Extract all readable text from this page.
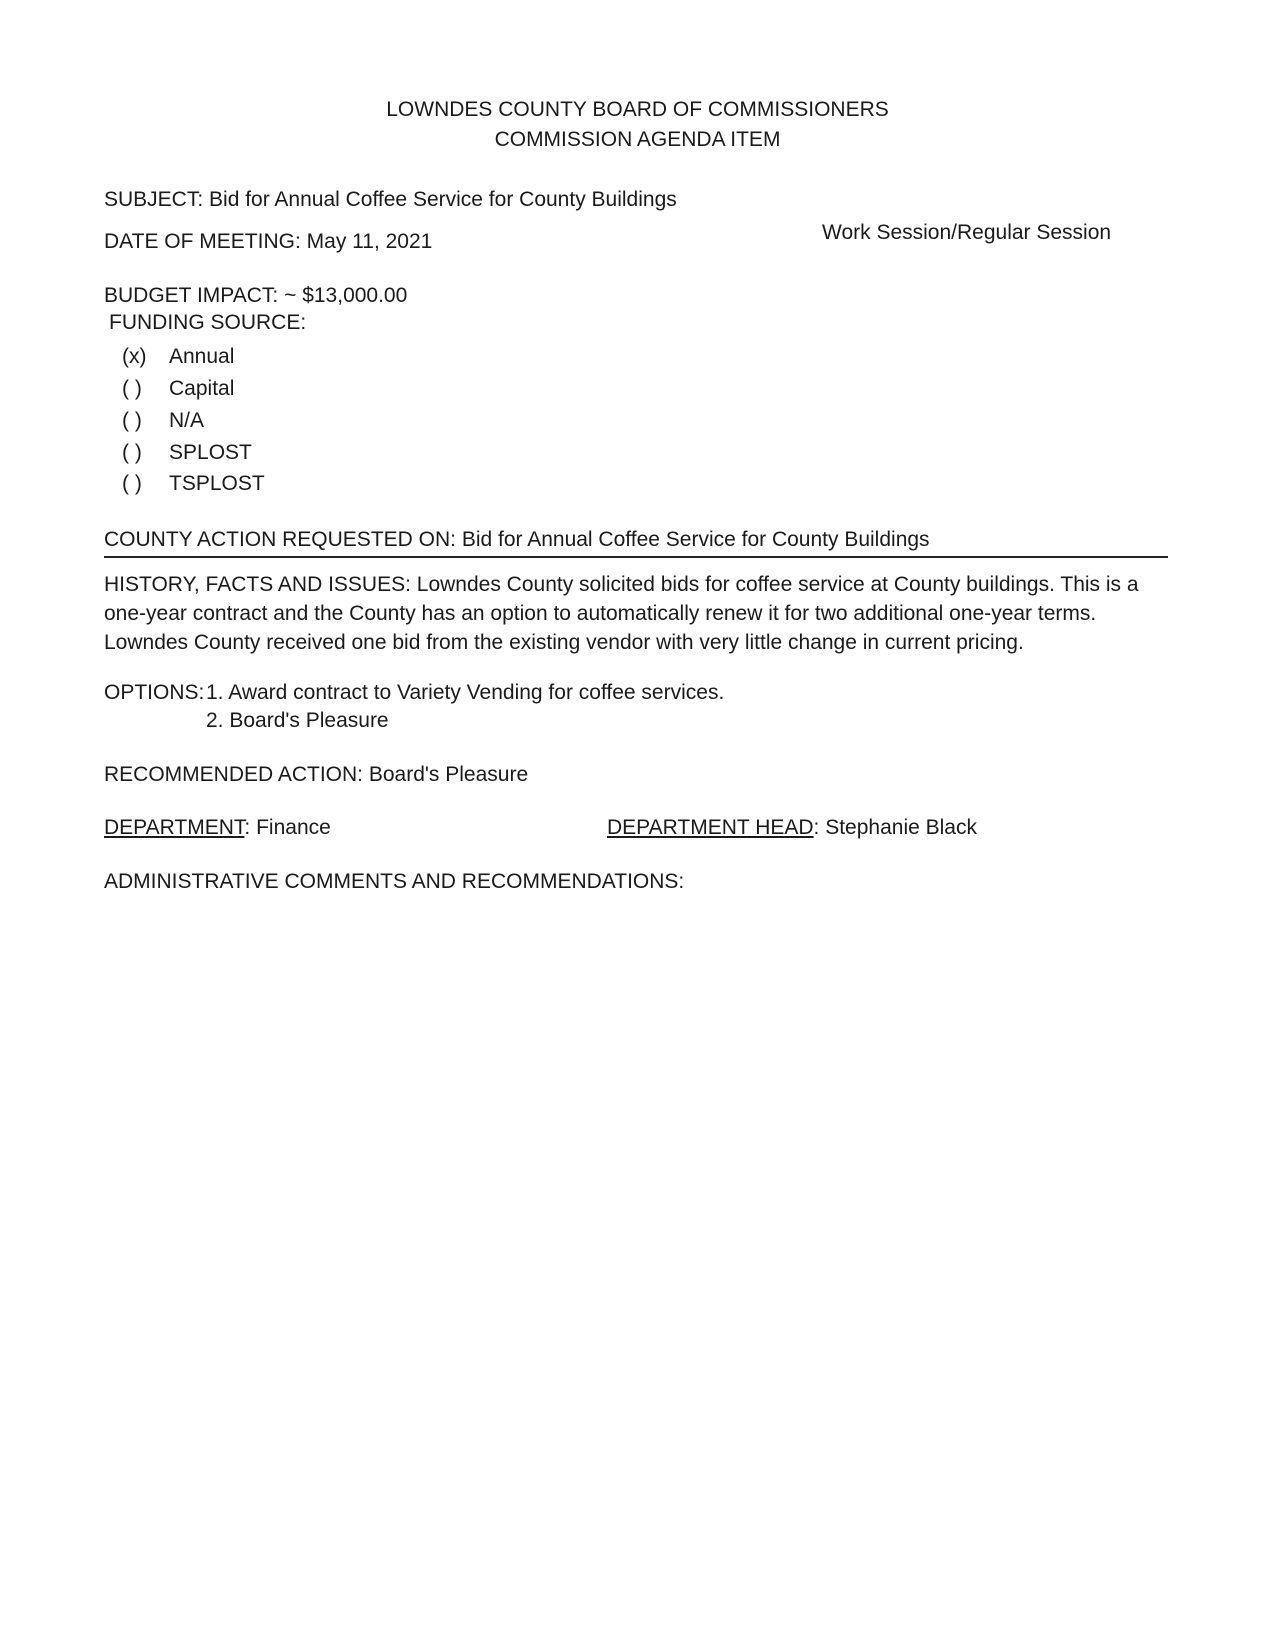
LOWNDES COUNTY BOARD OF COMMISSIONERS
COMMISSION AGENDA ITEM
SUBJECT: Bid for Annual Coffee Service for County Buildings
DATE OF MEETING: May 11, 2021	Work Session/Regular Session
BUDGET IMPACT: ~ $13,000.00
FUNDING SOURCE:
(x) Annual
( ) Capital
( ) N/A
( ) SPLOST
( ) TSPLOST
COUNTY ACTION REQUESTED ON: Bid for Annual Coffee Service for County Buildings
HISTORY, FACTS AND ISSUES: Lowndes County solicited bids for coffee service at County buildings. This is a one-year contract and the County has an option to automatically renew it for two additional one-year terms. Lowndes County received one bid from the existing vendor with very little change in current pricing.
OPTIONS: 1. Award contract to Variety Vending for coffee services.
2. Board's Pleasure
RECOMMENDED ACTION: Board's Pleasure
DEPARTMENT: Finance	DEPARTMENT HEAD: Stephanie Black
ADMINISTRATIVE COMMENTS AND RECOMMENDATIONS:
